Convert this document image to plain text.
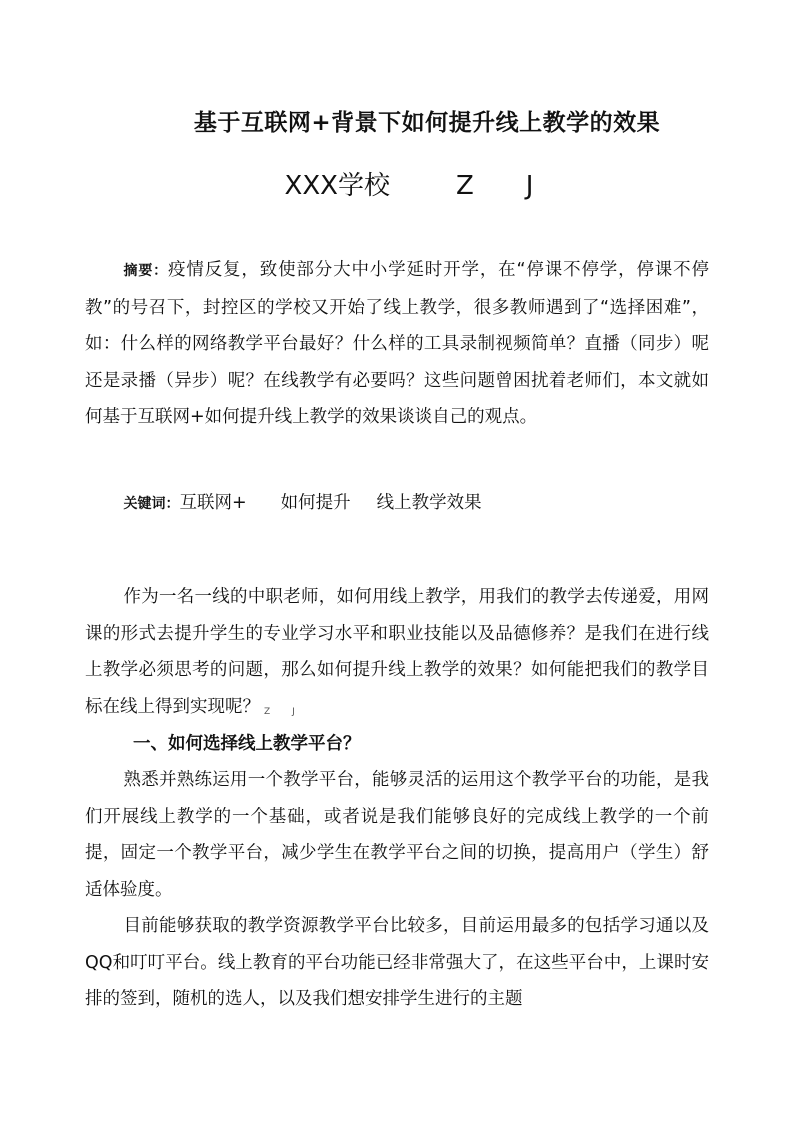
基于互联网+背景下如何提升线上教学的效果
XXX学校	Z J

摘要：疫情反复，致使部分大中小学延时开学，在“停课不停学，停课不停教”的号召下，封控区的学校又开始了线上教学，很多教师遇到了“选择困难”，如：什么样的网络教学平台最好？什么样的工具录制视频简单？直播（同步）呢还是录播（异步）呢？在线教学有必要吗？这些问题曾困扰着老师们，本文就如何基于互联网+如何提升线上教学的效果谈谈自己的观点。

关键词：互联网+ 如何提升 线上教学效果

作为一名一线的中职老师，如何用线上教学，用我们的教学去传递爱，用网课的形式去提升学生的专业学习水平和职业技能以及品德修养？是我们在进行线上教学必须思考的问题，那么如何提升线上教学的效果？如何能把我们的教学目标在线上得到实现呢？ $_{Z J}$

一、如何选择线上教学平台？

熟悉并熟练运用一个教学平台，能够灵活的运用这个教学平台的功能，是我们开展线上教学的一个基础，或者说是我们能够良好的完成线上教学的一个前提，固定一个教学平台，减少学生在教学平台之间的切换，提高用户（学生）舒适体验度。

目前能够获取的教学资源教学平台比较多，目前运用最多的包括学习通以及QQ和叮叮平台。线上教育的平台功能已经非常强大了，在这些平台中，上课时安排的签到，随机的选人，以及我们想安排学生进行的主题
